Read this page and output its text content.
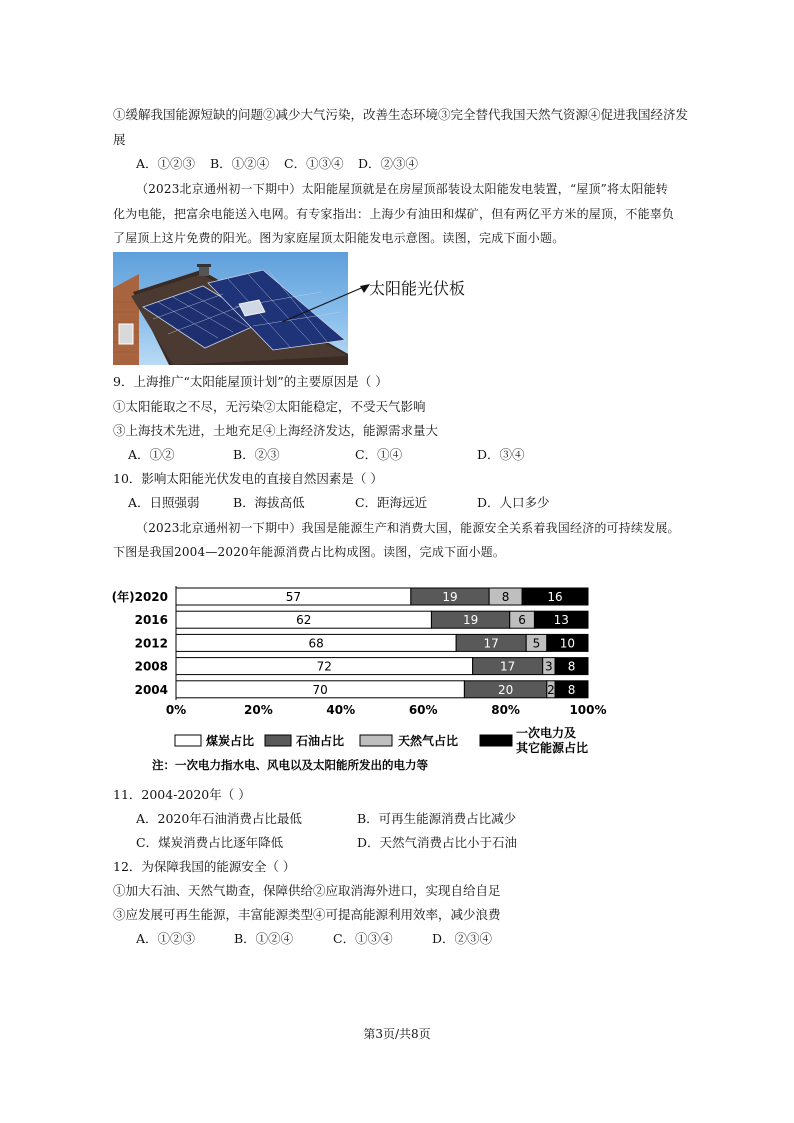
①缓解我国能源短缺的问题②减少大气污染，改善生态环境③完全替代我国天然气资源④促进我国经济发
展
A．①②③ B．①②④ C．①③④ D．②③④
（2023北京通州初一下期中）太阳能屋顶就是在房屋顶部装设太阳能发电装置，“屋顶”将太阳能转
化为电能，把富余电能送入电网。有专家指出：上海少有油田和煤矿，但有两亿平方米的屋顶，不能辜负
了屋顶上这片免费的阳光。图为家庭屋顶太阳能发电示意图。读图，完成下面小题。
太阳能光伏板
9．上海推广“太阳能屋顶计划”的主要原因是（ ）
①太阳能取之不尽，无污染②太阳能稳定，不受天气影响
③上海技术先进，土地充足④上海经济发达，能源需求量大
A．①②	B．②③	C．①④	D．③④
10．影响太阳能光伏发电的直接自然因素是（ ）
A．日照强弱	B．海拔高低	C．距海远近	D．人口多少
（2023北京通州初一下期中）我国是能源生产和消费大国，能源安全关系着我国经济的可持续发展。
下图是我国2004—2020年能源消费占比构成图。读图，完成下面小题。
57	19	8	16
62	19	6 13
68	17	5 10
72	17 3 8
70	20	2 8
(年)2020
2016
2012
2008
2004
0%	20%	40%	60%	80%	100%
煤炭占比	石油占比	天然气占比
一次电力及
其它能源占比
注：一次电力指水电、风电以及太阳能所发出的电力等
11．2004-2020年（ ）
A．2020年石油消费占比最低	B．可再生能源消费占比减少
C．煤炭消费占比逐年降低	D．天然气消费占比小于石油
12．为保障我国的能源安全（ ）
①加大石油、天然气勘查，保障供给②应取消海外进口，实现自给自足
③应发展可再生能源，丰富能源类型④可提高能源利用效率，减少浪费
A．①②③	B．①②④	C．①③④	D．②③④
第3页/共8页
